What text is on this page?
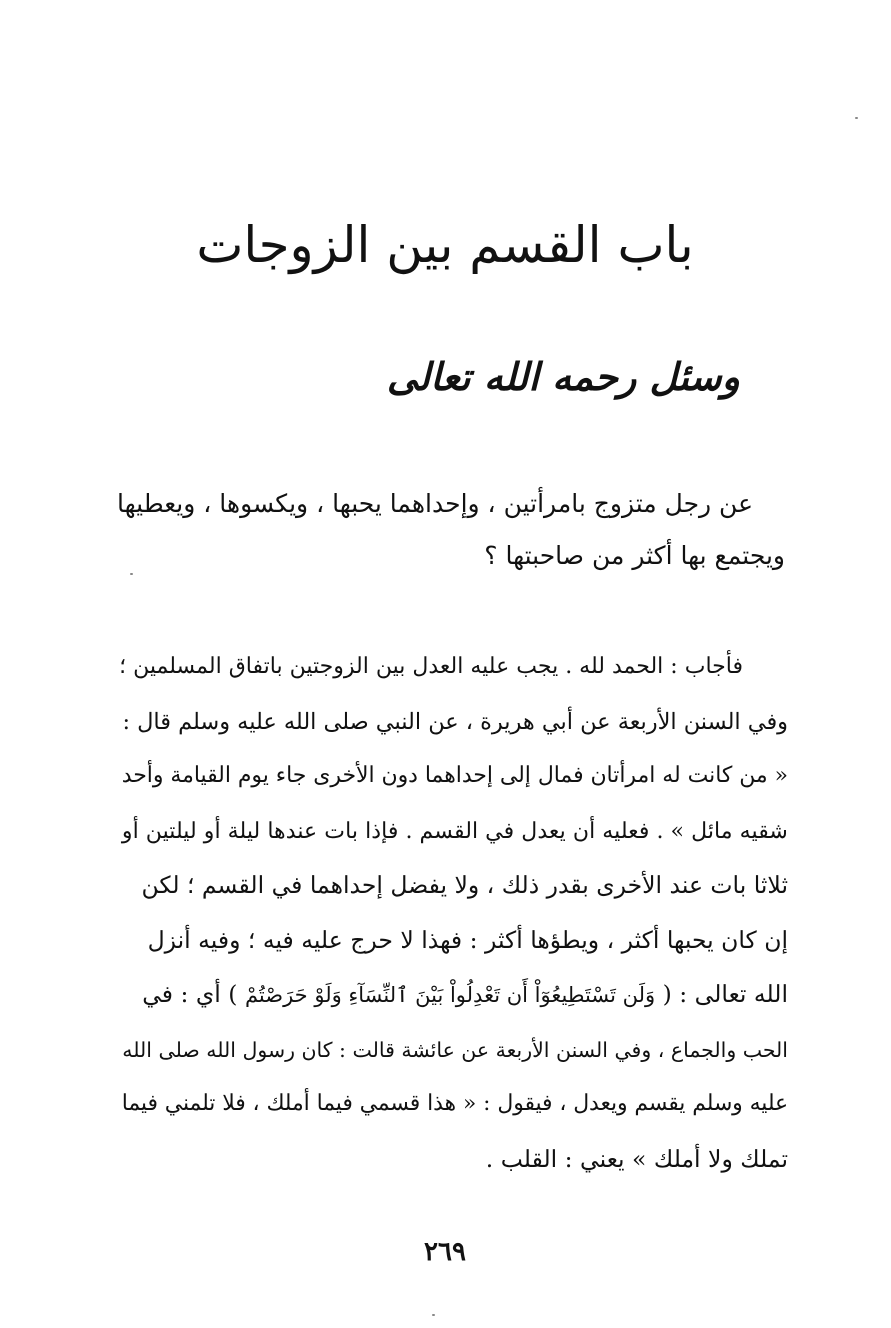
باب القسم بين الزوجات
وسئل رحمه الله تعالى

عن رجل متزوج بامرأتين ، وإحداهما يحبها ، ويكسوها ، ويعطيها
ويجتمع بها أكثر من صاحبتها ؟

فأجاب : الحمد لله . يجب عليه العدل بين الزوجتين باتفاق المسلمين ؛
وفي السنن الأربعة عن أبي هريرة ، عن النبي صلى الله عليه وسلم قال :
« من كانت له امرأتان فمال إلى إحداهما دون الأخرى جاء يوم القيامة وأحد
شقيه مائل » . فعليه أن يعدل في القسم . فإذا بات عندها ليلة أو ليلتين أو
ثلاثا بات عند الأخرى بقدر ذلك ، ولا يفضل إحداهما في القسم ؛ لكن
إن كان يحبها أكثر ، ويطؤها أكثر : فهذا لا حرج عليه فيه ؛ وفيه أنزل
الله تعالى : ( وَلَن تَسْتَطِيعُوٓاْ أَن تَعْدِلُواْ بَيْنَ ٱلنِّسَآءِ وَلَوْ حَرَصْتُمْ ) أي : في
الحب والجماع ، وفي السنن الأربعة عن عائشة قالت : كان رسول الله صلى الله
عليه وسلم يقسم ويعدل ، فيقول : « هذا قسمي فيما أملك ، فلا تلمني فيما
تملك ولا أملك » يعني : القلب .

٢٦٩
